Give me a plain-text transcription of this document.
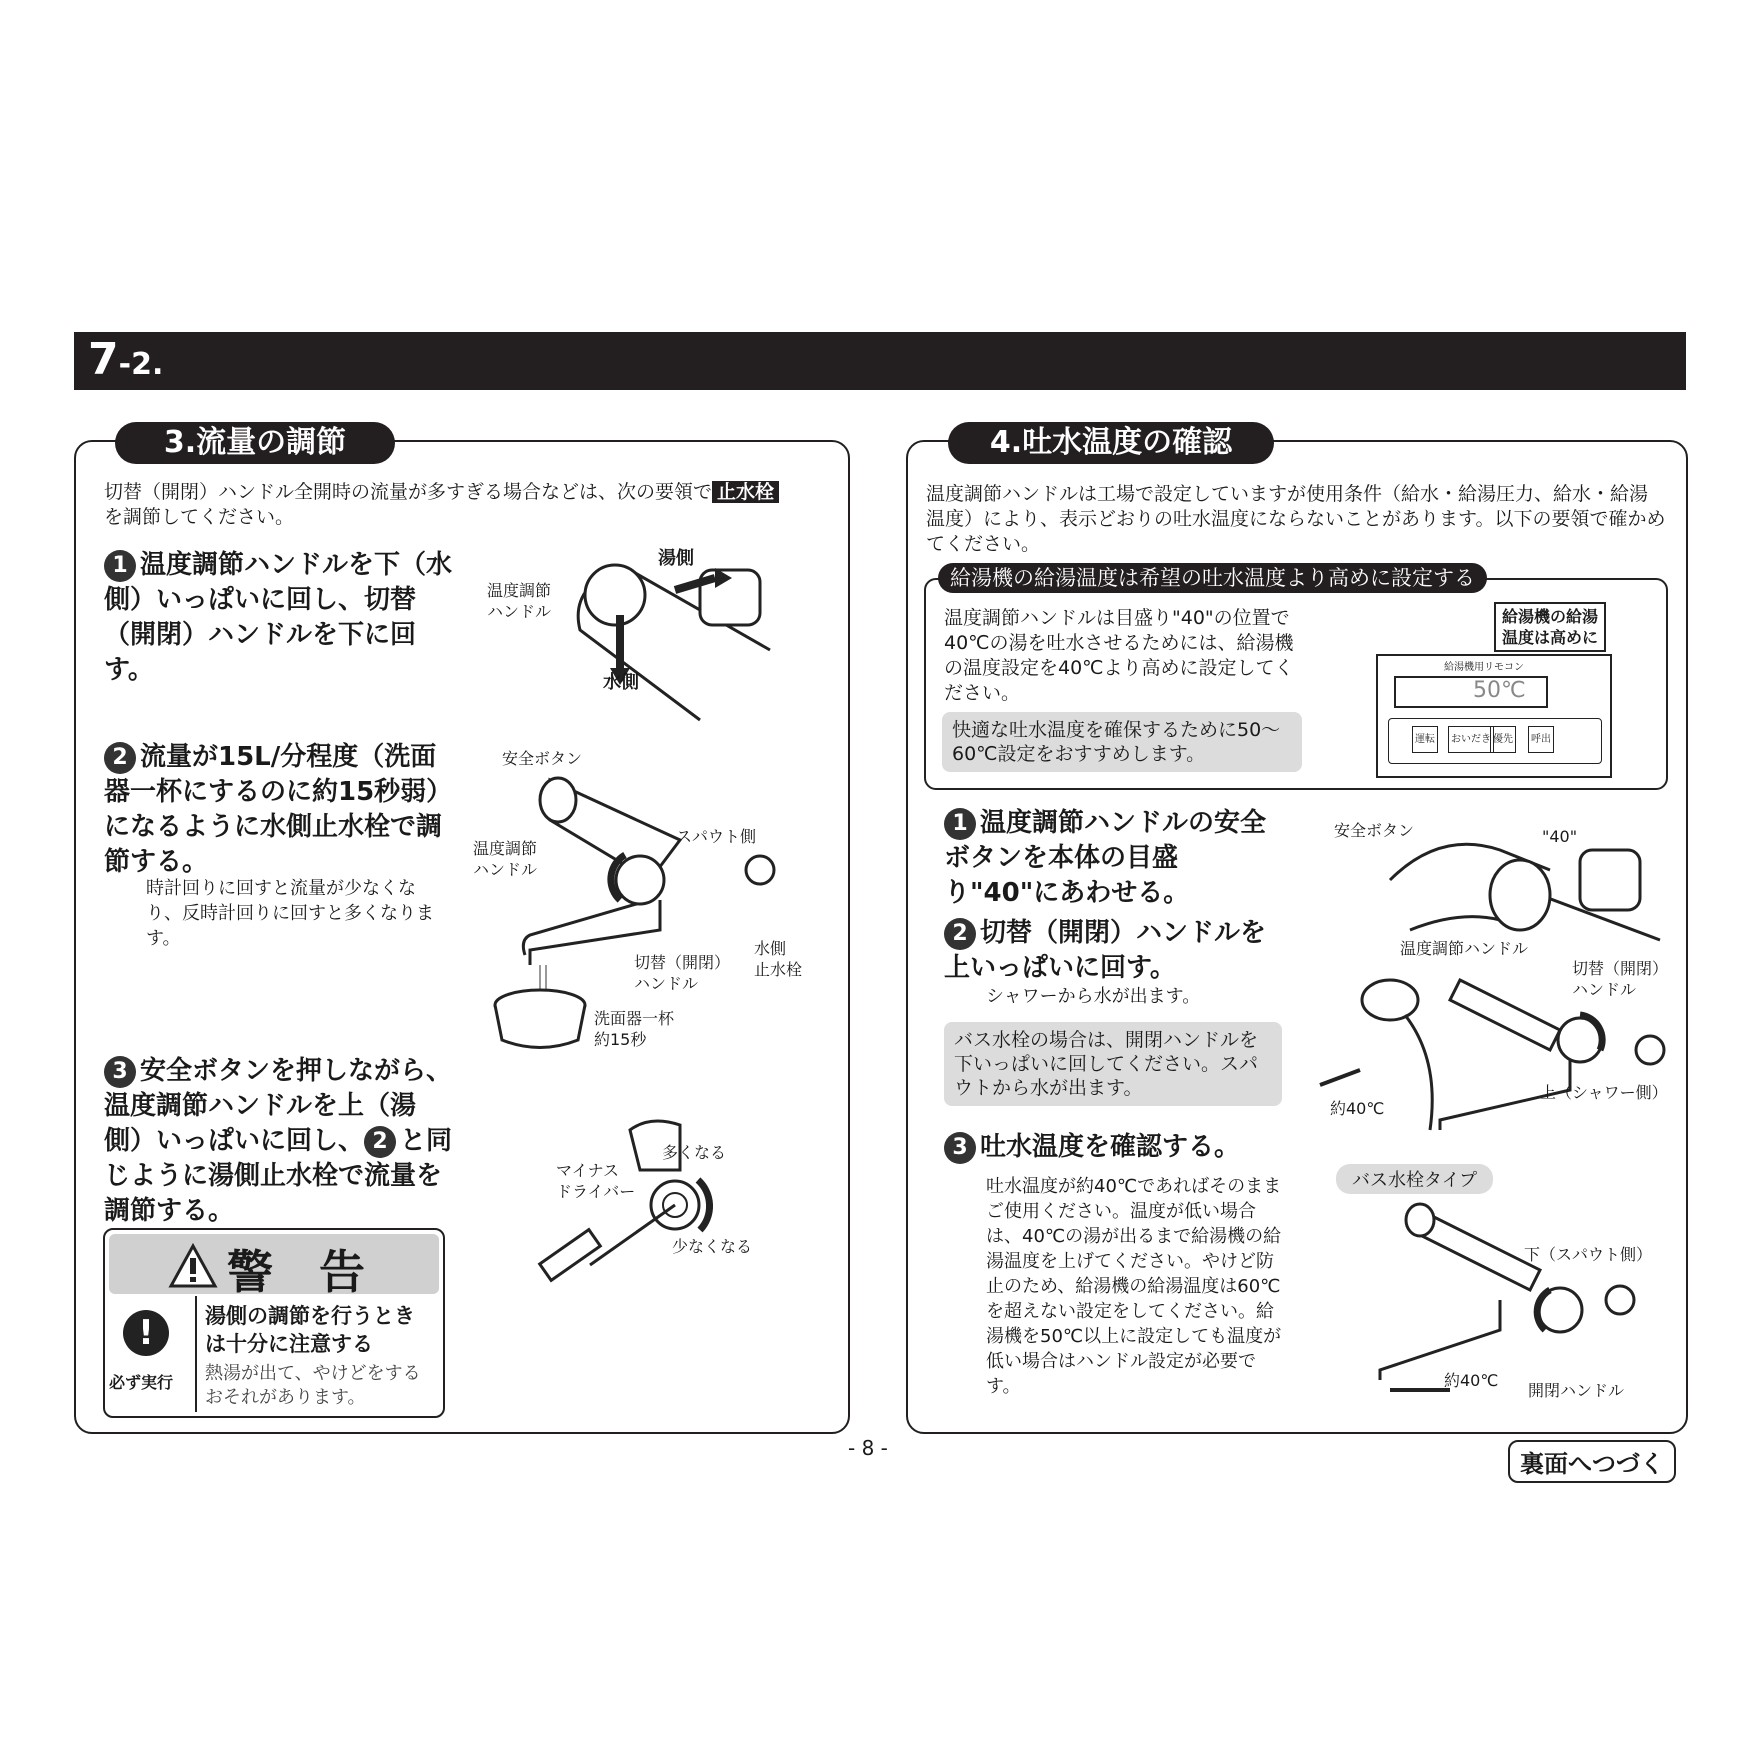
7-2.
3.流量の調節
切替（開閉）ハンドル全開時の流量が多すぎる場合などは、次の要領で 止水栓
を調節してください。
1 温度調節ハンドルを下（水側）いっぱいに回し、切替（開閉）ハンドルを下に回す。
温度調節
ハンドル
湯側
水側
2 流量が15L/分程度（洗面器一杯にするのに約15秒弱）になるように水側止水栓で調節する。
時計回りに回すと流量が少なくなり、反時計回りに回すと多くなります。
安全ボタン
温度調節
ハンドル
スパウト側
切替（開閉）
ハンドル
水側
止水栓
洗面器一杯
約15秒
3 安全ボタンを押しながら、温度調節ハンドルを上（湯側）いっぱいに回し、 2 と同じように湯側止水栓で流量を調節する。
マイナス
ドライバー
多くなる
少なくなる
警　告
!
必ず実行
湯側の調節を行うときは十分に注意する
熱湯が出て、やけどをするおそれがあります。
4.吐水温度の確認
温度調節ハンドルは工場で設定していますが使用条件（給水・給湯圧力、給水・給湯温度）により、表示どおりの吐水温度にならないことがあります。以下の要領で確かめてください。
給湯機の給湯温度は希望の吐水温度より高めに設定する
温度調節ハンドルは目盛り"40"の位置で40℃の湯を吐水させるためには、給湯機の温度設定を40℃より高めに設定してください。
快適な吐水温度を確保するために50〜60℃設定をおすすめします。
給湯機の給湯
温度は高めに
給湯機用リモコン
50℃
運転	おいだき 優先	呼出
1 温度調節ハンドルの安全ボタンを本体の目盛り"40"にあわせる。
2 切替（開閉）ハンドルを上いっぱいに回す。
シャワーから水が出ます。
バス水栓の場合は、開閉ハンドルを下いっぱいに回してください。スパウトから水が出ます。
3 吐水温度を確認する。
吐水温度が約40℃であればそのままご使用ください。温度が低い場合は、40℃の湯が出るまで給湯機の給湯温度を上げてください。やけど防止のため、給湯機の給湯温度は60℃を超えない設定をしてください。給湯機を50℃以上に設定しても温度が低い場合はハンドル設定が必要です。
安全ボタン	"40"
温度調節ハンドル
切替（開閉）
ハンドル
上（シャワー側）
約40℃
バス水栓タイプ
下（スパウト側）
約40℃
開閉ハンドル
- 8 -
裏面へつづく
